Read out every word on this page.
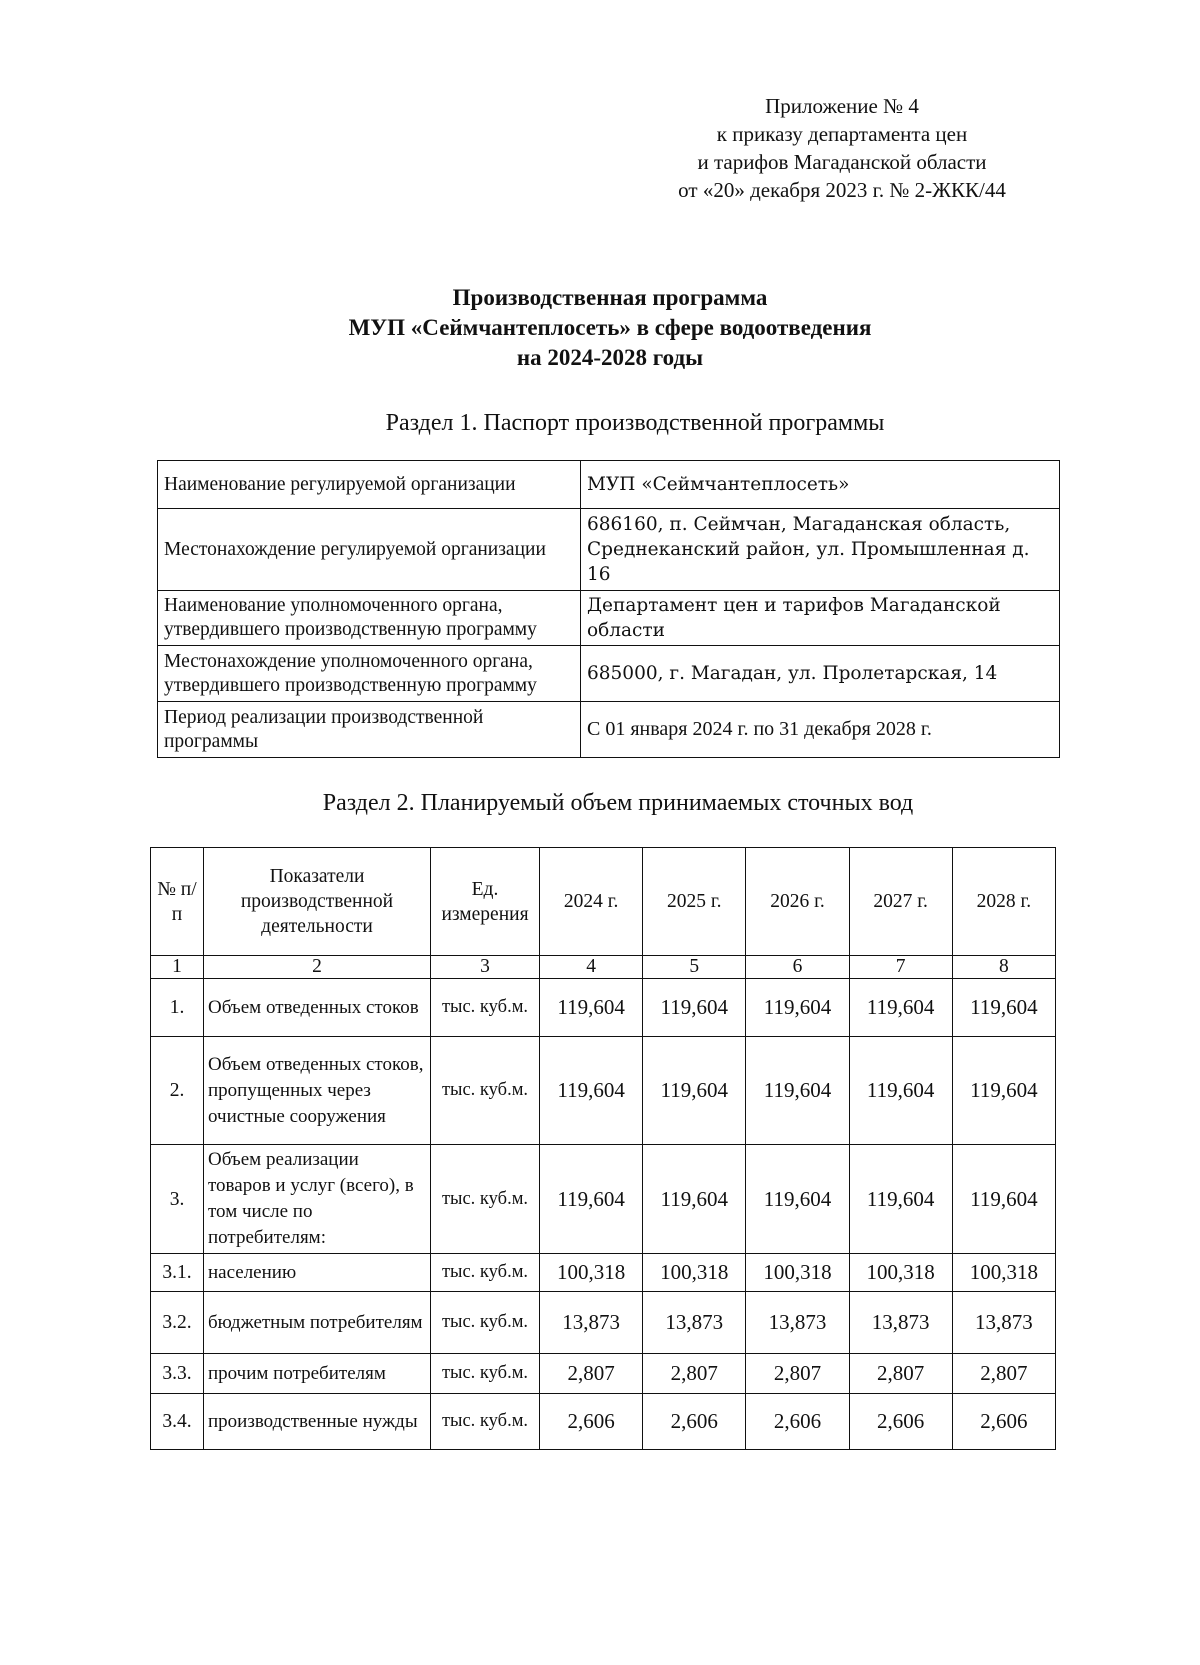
Приложение № 4
к приказу департамента цен
и тарифов Магаданской области
от «20» декабря 2023 г. № 2-ЖКК/44
Производственная программа
МУП «Сеймчантеплосеть» в сфере водоотведения
на 2024-2028 годы
Раздел 1. Паспорт производственной программы
Наименование регулируемой организации	МУП «Сеймчантеплосеть»
Местонахождение регулируемой организации	686160, п. Сеймчан, Магаданская область, Среднеканский район, ул. Промышленная д. 16
Наименование уполномоченного органа, утвердившего производственную программу	Департамент цен и тарифов Магаданской области
Местонахождение уполномоченного органа, утвердившего производственную программу	685000, г. Магадан, ул. Пролетарская, 14
Период реализации производственной программы	С 01 января 2024 г. по 31 декабря 2028 г.
Раздел 2. Планируемый объем принимаемых сточных вод
№ п/п	Показатели производственной деятельности	Ед. измерения	2024 г.	2025 г.	2026 г.	2027 г.	2028 г.
1	2	3	4	5	6	7	8
1.	Объем отведенных стоков	тыс. куб.м.	119,604	119,604	119,604	119,604	119,604
2.	Объем отведенных стоков, пропущенных через очистные сооружения	тыс. куб.м.	119,604	119,604	119,604	119,604	119,604
3.	Объем реализации товаров и услуг (всего), в том числе по потребителям:	тыс. куб.м.	119,604	119,604	119,604	119,604	119,604
3.1.	населению	тыс. куб.м.	100,318	100,318	100,318	100,318	100,318
3.2.	бюджетным потребителям	тыс. куб.м.	13,873	13,873	13,873	13,873	13,873
3.3.	прочим потребителям	тыс. куб.м.	2,807	2,807	2,807	2,807	2,807
3.4.	производственные нужды	тыс. куб.м.	2,606	2,606	2,606	2,606	2,606
